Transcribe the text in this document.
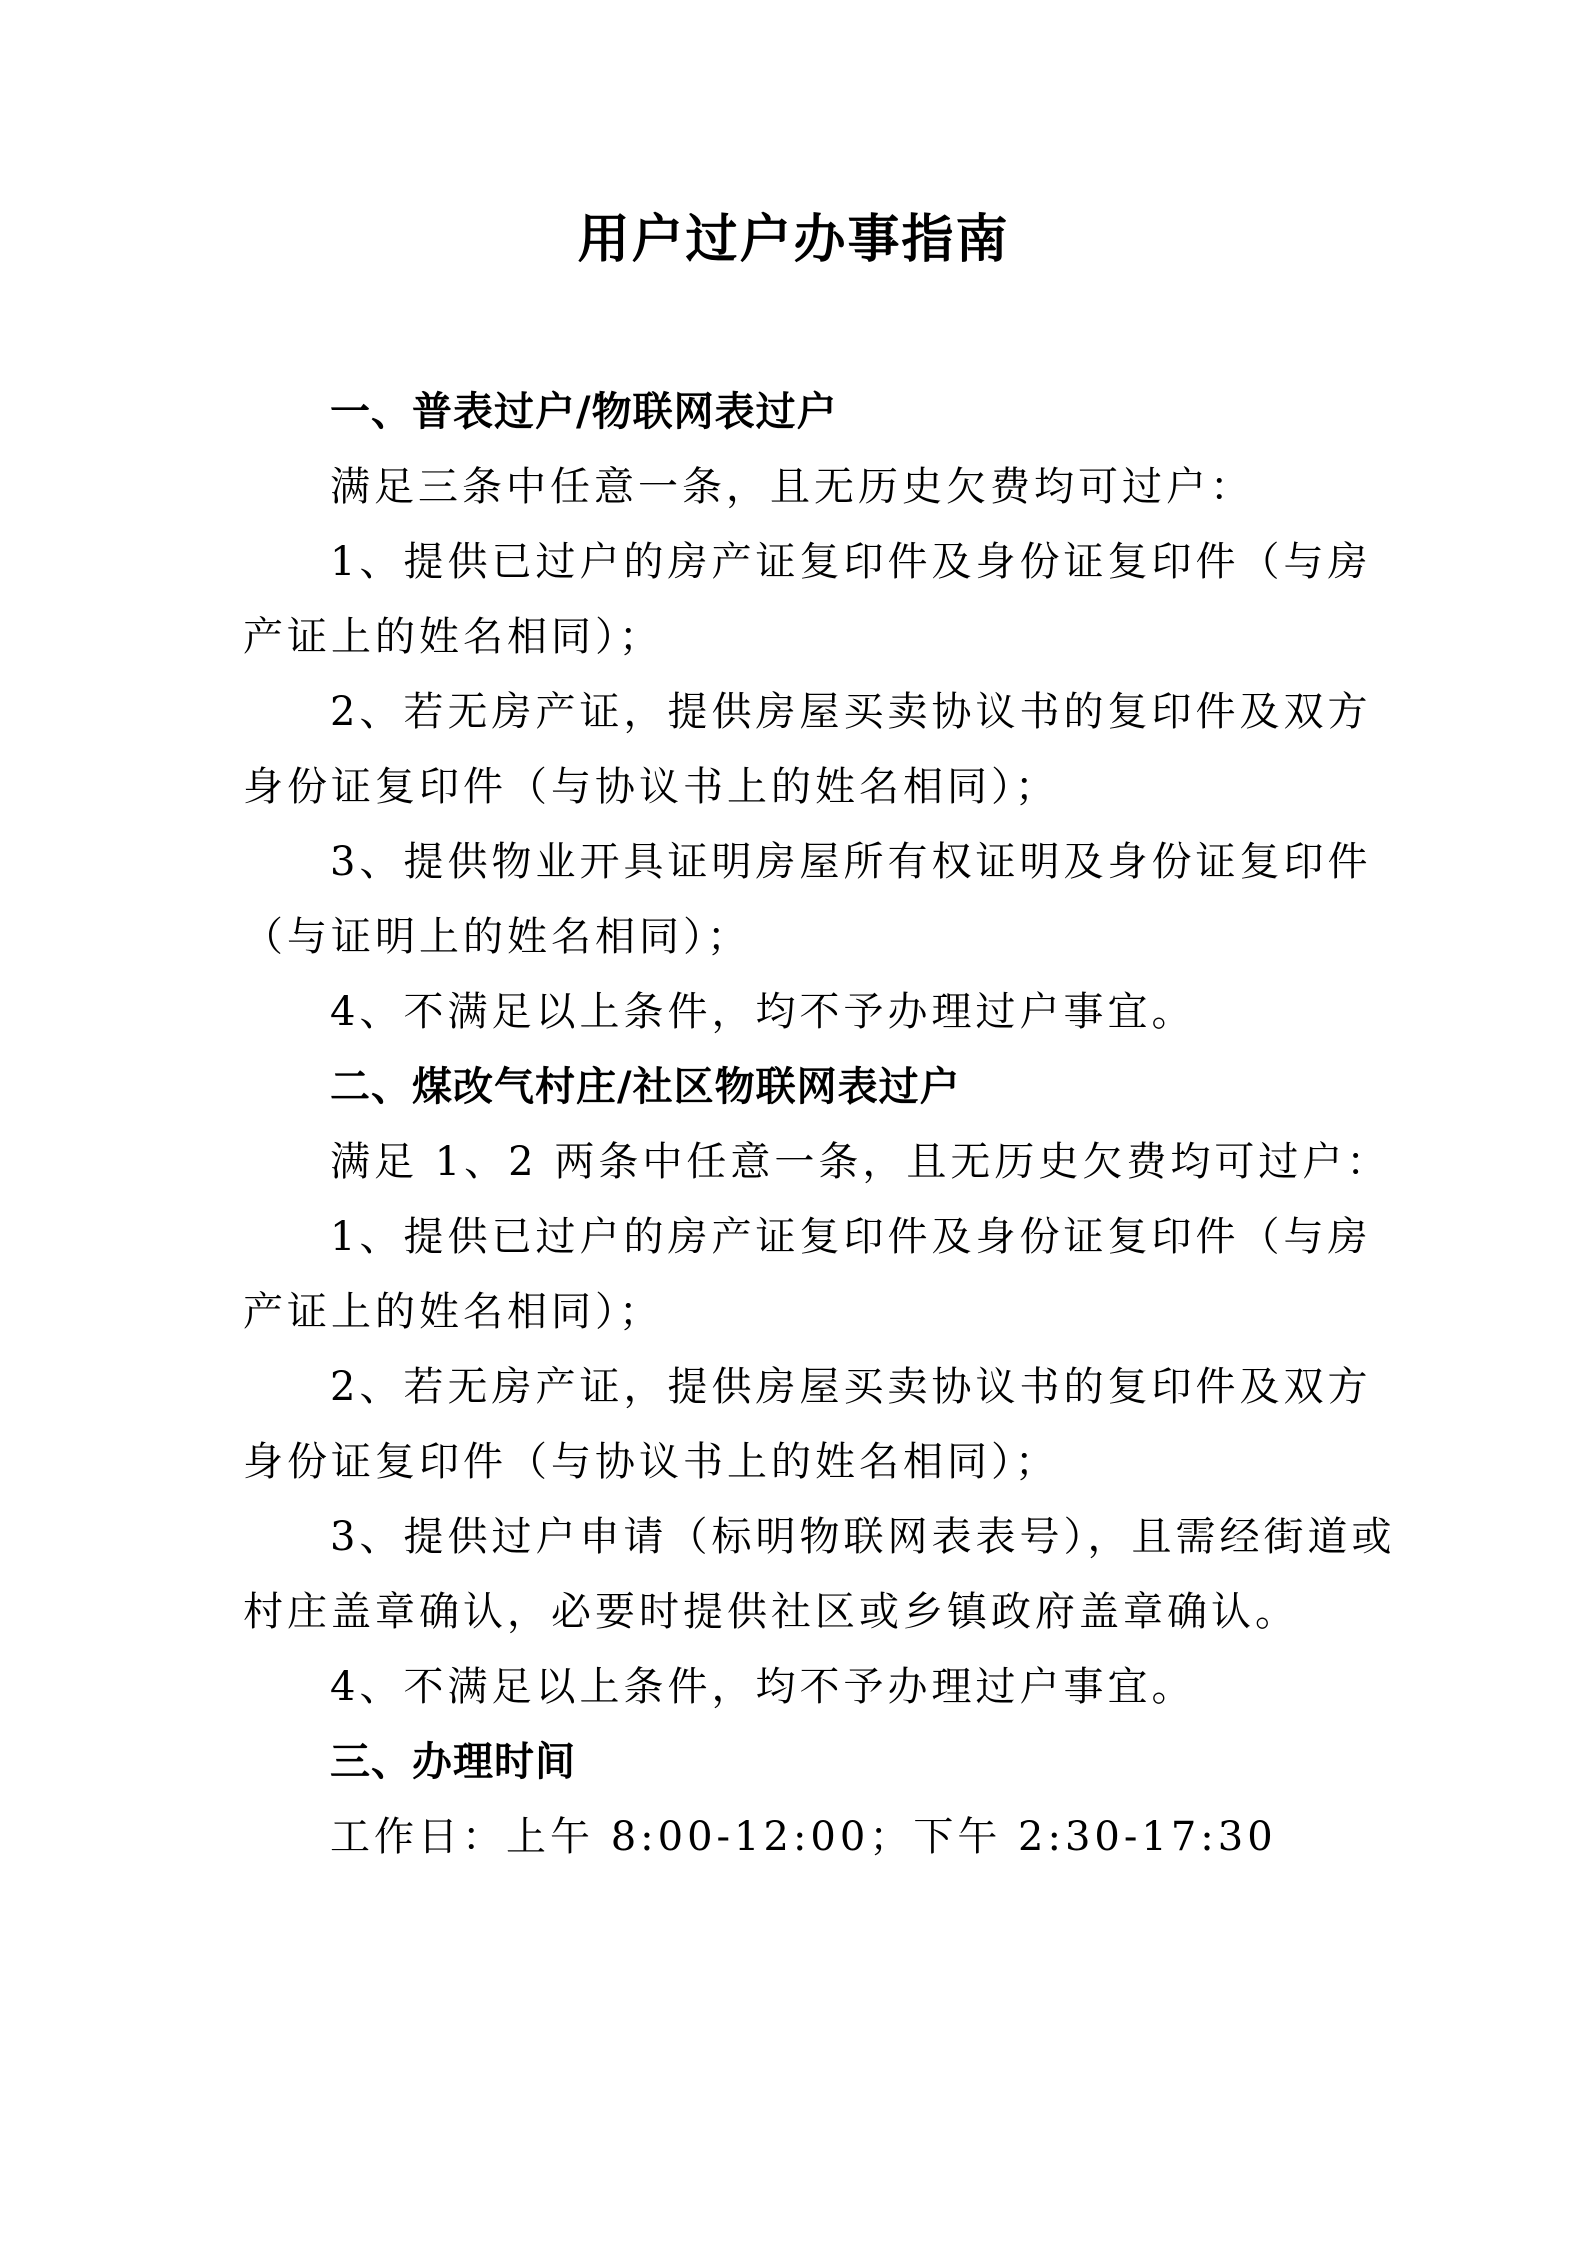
用户过户办事指南
一、普表过户/物联网表过户
满足三条中任意一条，且无历史欠费均可过户：
1、提供已过户的房产证复印件及身份证复印件（与房
产证上的姓名相同）；
2、若无房产证，提供房屋买卖协议书的复印件及双方
身份证复印件（与协议书上的姓名相同）；
3、提供物业开具证明房屋所有权证明及身份证复印件
（与证明上的姓名相同）；
4、不满足以上条件，均不予办理过户事宜。
二、煤改气村庄/社区物联网表过户
满足 1、2 两条中任意一条，且无历史欠费均可过户：
1、提供已过户的房产证复印件及身份证复印件（与房
产证上的姓名相同）；
2、若无房产证，提供房屋买卖协议书的复印件及双方
身份证复印件（与协议书上的姓名相同）；
3、提供过户申请（标明物联网表表号），且需经街道或
村庄盖章确认，必要时提供社区或乡镇政府盖章确认。
4、不满足以上条件，均不予办理过户事宜。
三、办理时间
工作日：上午 8:00-12:00；下午 2:30-17:30
